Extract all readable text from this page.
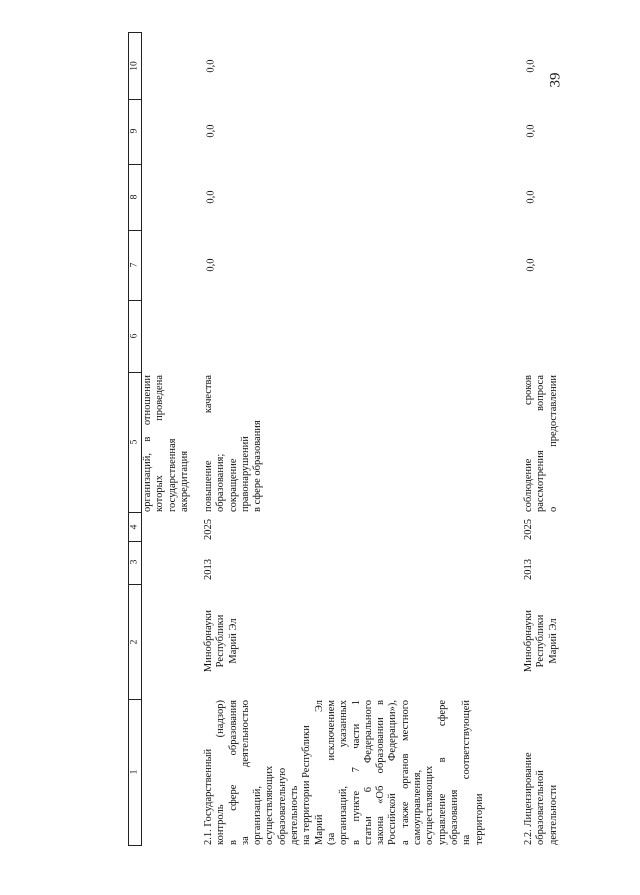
39
1
2
3
4
5
6
7
8
9
10
организаций, в отношении которых проведена государственная аккредитация
2.1. Государственный контроль (надзор) в сфере образования за деятельностью организаций, осуществляющих образовательную деятельность на территории Республики Марий Эл (за исключением организаций, указанных в пункте 7 части 1 статьи 6 Федерального закона «Об образовании в Российской Федерации»), а также органов местного самоуправления, осуществляющих управление в сфере образования на соответствующей территории
Минобрнауки Республики Марий Эл
2013
2025
повышение качества образования; сокращение правонарушений в сфере образования
0,0
0,0
0,0
0,0
2.2. Лицензирование образовательной деятельности
Минобрнауки Республики Марий Эл
2013
2025
соблюдение сроков рассмотрения вопроса о предоставлении
0,0
0,0
0,0
0,0
